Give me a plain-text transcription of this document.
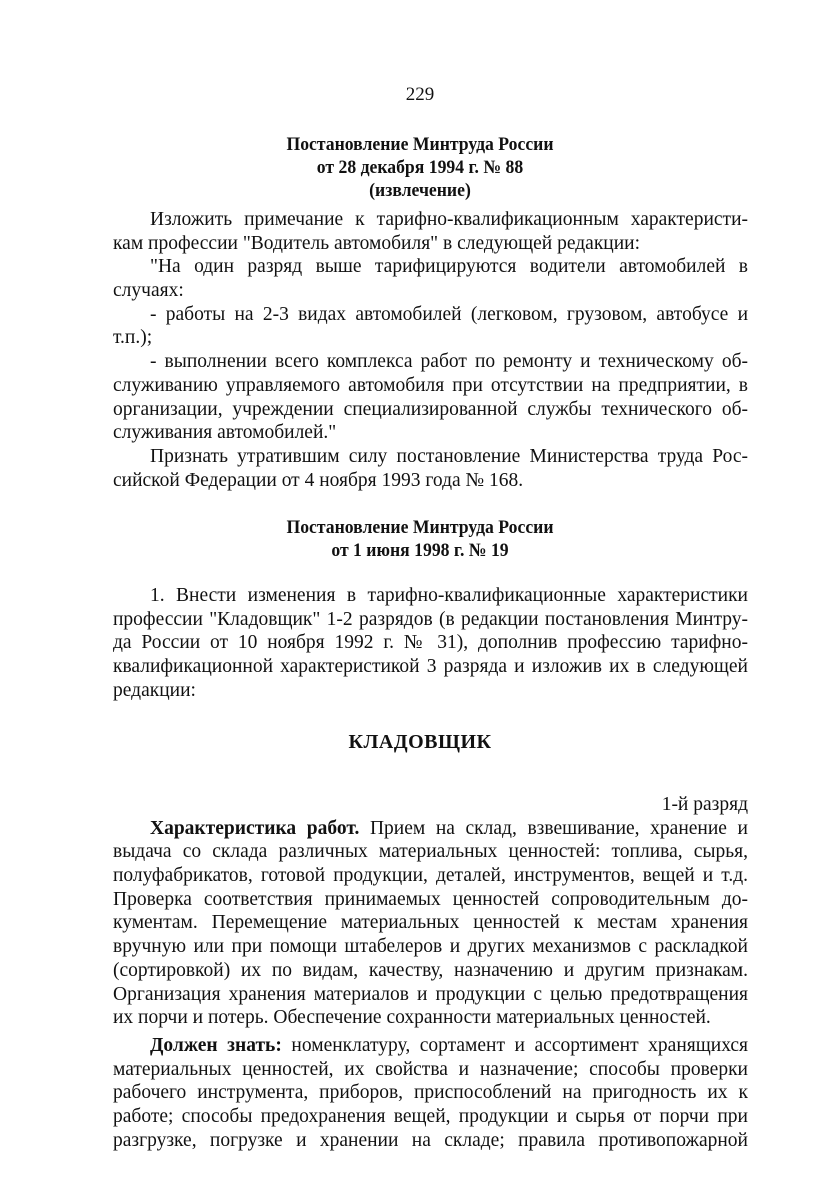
229
Постановление Минтруда России
от 28 декабря 1994 г. № 88
(извлечение)
Изложить примечание к тарифно-квалификационным характеристи-
кам профессии "Водитель автомобиля" в следующей редакции:
"На один разряд выше тарифицируются водители автомобилей в
случаях:
- работы на 2-3 видах автомобилей (легковом, грузовом, автобусе и
т.п.);
- выполнении всего комплекса работ по ремонту и техническому об-
служиванию управляемого автомобиля при отсутствии на предприятии, в
организации, учреждении специализированной службы технического об-
служивания автомобилей."
Признать утратившим силу постановление Министерства труда Рос-
сийской Федерации от 4 ноября 1993 года № 168.
Постановление Минтруда России
от 1 июня 1998 г. № 19
1. Внести изменения в тарифно-квалификационные характеристики
профессии "Кладовщик" 1-2 разрядов (в редакции постановления Минтру-
да России от 10 ноября 1992 г. № 31), дополнив профессию тарифно-
квалификационной характеристикой 3 разряда и изложив их в следующей
редакции:
КЛАДОВЩИК
1-й разряд
Характеристика работ. Прием на склад, взвешивание, хранение и
выдача со склада различных материальных ценностей: топлива, сырья,
полуфабрикатов, готовой продукции, деталей, инструментов, вещей и т.д.
Проверка соответствия принимаемых ценностей сопроводительным до-
кументам. Перемещение материальных ценностей к местам хранения
вручную или при помощи штабелеров и других механизмов с раскладкой
(сортировкой) их по видам, качеству, назначению и другим признакам.
Организация хранения материалов и продукции с целью предотвращения
их порчи и потерь. Обеспечение сохранности материальных ценностей.
Должен знать: номенклатуру, сортамент и ассортимент хранящихся
материальных ценностей, их свойства и назначение; способы проверки
рабочего инструмента, приборов, приспособлений на пригодность их к
работе; способы предохранения вещей, продукции и сырья от порчи при
разгрузке, погрузке и хранении на складе; правила противопожарной
